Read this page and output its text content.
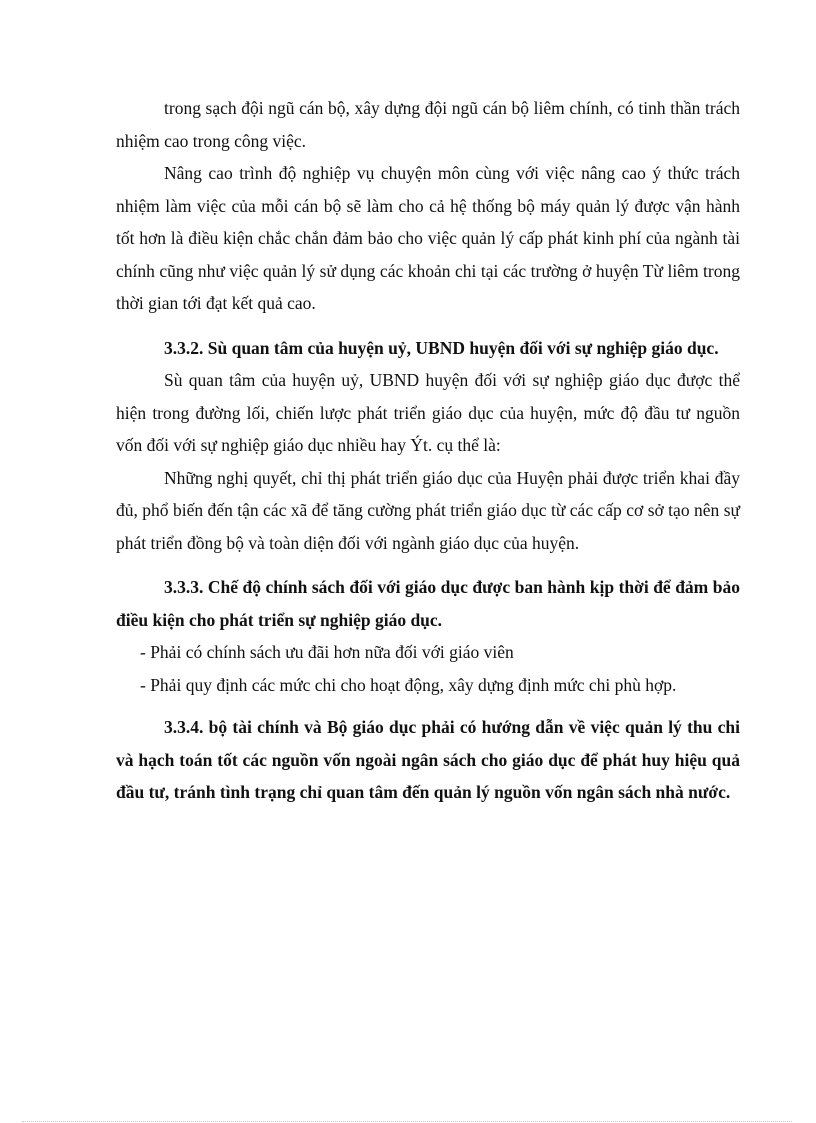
trong sạch đội ngũ cán bộ, xây dựng đội ngũ cán bộ liêm chính, có tinh thần trách nhiệm cao trong công việc.

Nâng cao trình độ nghiệp vụ chuyện môn cùng với việc nâng cao ý thức trách nhiệm làm việc của mỗi cán bộ sẽ làm cho cả hệ thống bộ máy quản lý được vận hành tốt hơn là điều kiện chắc chắn đảm bảo cho việc quản lý cấp phát kinh phí của ngành tài chính cũng như việc quản lý sử dụng các khoản chi tại các trường ở huyện Từ liêm trong thời gian tới đạt kết quả cao.

3.3.2. Sù quan tâm của huyện uỷ, UBND huyện đối với sự nghiệp giáo dục.

Sù quan tâm của huyện uỷ, UBND huyện đối với sự nghiệp giáo dục được thể hiện trong đường lối, chiến lược phát triển giáo dục của huyện, mức độ đầu tư nguồn vốn đối với sự nghiệp giáo dục nhiều hay Ýt. cụ thể là:

Những nghị quyết, chỉ thị phát triển giáo dục của Huyện phải được triển khai đầy đủ, phổ biến đến tận các xã để tăng cường phát triển giáo dục từ các cấp cơ sở tạo nên sự phát triển đồng bộ và toàn diện đối với ngành giáo dục của huyện.

3.3.3. Chế độ chính sách đối với giáo dục được ban hành kịp thời để đảm bảo điều kiện cho phát triển sự nghiệp giáo dục.

- Phải có chính sách ưu đãi hơn nữa đối với giáo viên

- Phải quy định các mức chi cho hoạt động, xây dựng định mức chi phù hợp.

3.3.4. bộ tài chính và Bộ giáo dục phải có hướng dẫn về việc quản lý thu chi và hạch toán tốt các nguồn vốn ngoài ngân sách cho giáo dục để phát huy hiệu quả đầu tư, tránh tình trạng chỉ quan tâm đến quản lý nguồn vốn ngân sách nhà nước.
